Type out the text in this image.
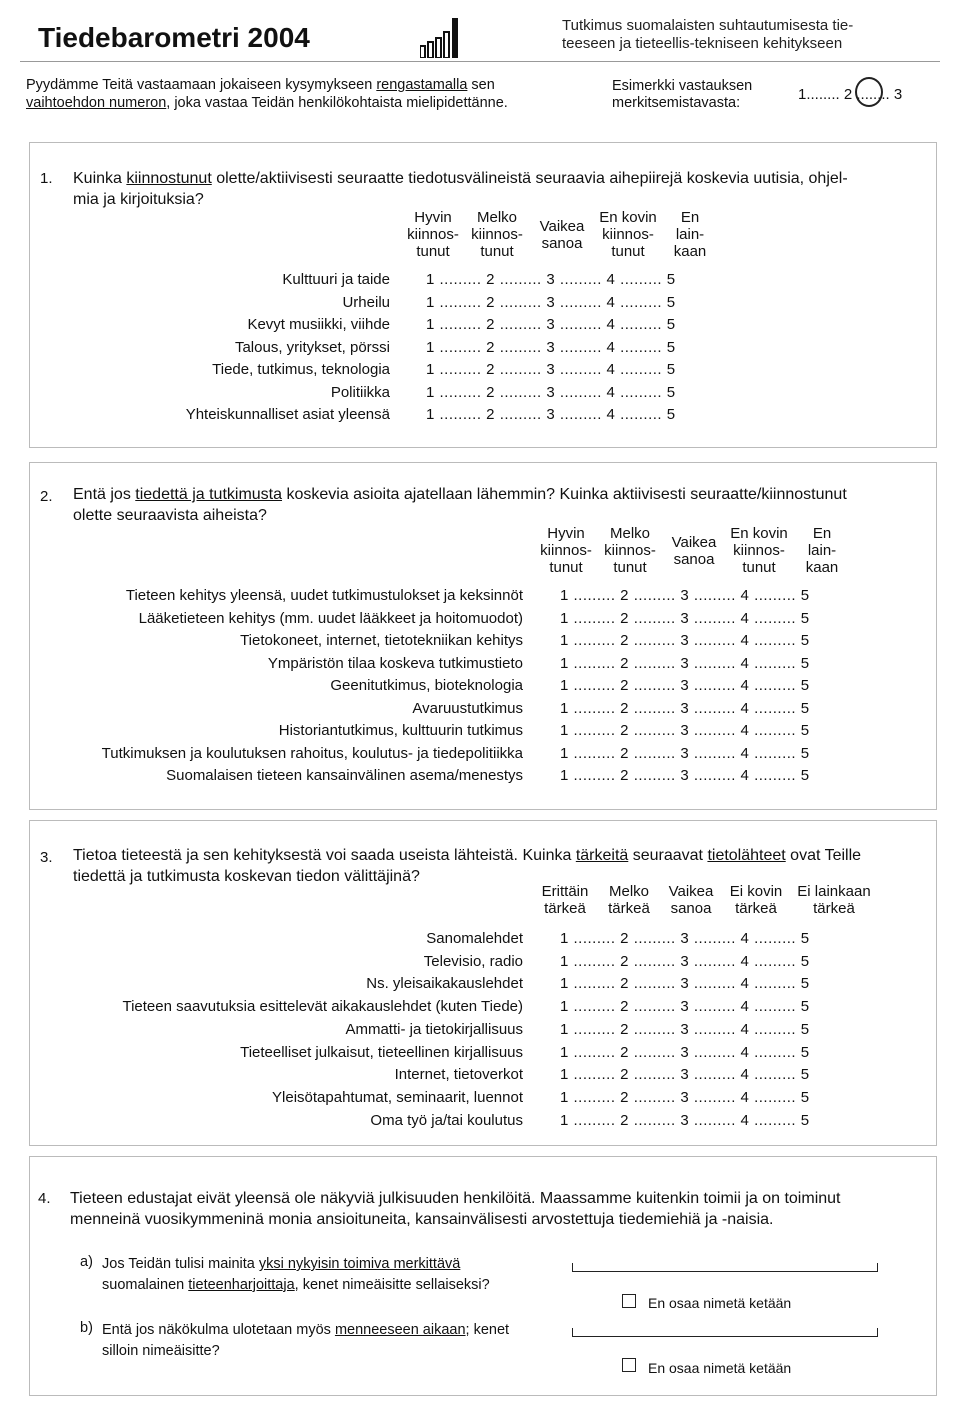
Tiedebarometri 2004	Tutkimus suomalaisten suhtautumisesta tie-
teeseen ja tieteellis-tekniseen kehitykseen
Pyydämme Teitä vastaamaan jokaiseen kysymykseen rengastamalla sen
vaihtoehdon numeron, joka vastaa Teidän henkilökohtaista mielipidettänne.
Esimerkki vastauksen
merkitsemistavasta:	1........ 2 ........ 3
1. Kuinka kiinnostunut olette/aktiivisesti seuraatte tiedotusvälineistä seuraavia aihepiirejä koskevia uutisia, ohjel-
mia ja kirjoituksia?
Hyvin
kiinnos-
tunut
Melko
kiinnos-
tunut
Vaikea
sanoa
En kovin
kiinnos-
tunut
En
lain-
kaan
Kulttuuri ja taide 1 ......... 2 ......... 3 ......... 4 ......... 5
Urheilu 1 ......... 2 ......... 3 ......... 4 ......... 5
Kevyt musiikki, viihde 1 ......... 2 ......... 3 ......... 4 ......... 5
Talous, yritykset, pörssi 1 ......... 2 ......... 3 ......... 4 ......... 5
Tiede, tutkimus, teknologia 1 ......... 2 ......... 3 ......... 4 ......... 5
Politiikka 1 ......... 2 ......... 3 ......... 4 ......... 5
Yhteiskunnalliset asiat yleensä 1 ......... 2 ......... 3 ......... 4 ......... 5
2. Entä jos tiedettä ja tutkimusta koskevia asioita ajatellaan lähemmin? Kuinka aktiivisesti seuraatte/kiinnostunut
olette seuraavista aiheista?
Hyvin
kiinnos-
tunut
Melko
kiinnos-
tunut
Vaikea
sanoa
En kovin
kiinnos-
tunut
En
lain-
kaan
Tieteen kehitys yleensä, uudet tutkimustulokset ja keksinnöt 1 ......... 2 ......... 3 ......... 4 ......... 5
Lääketieteen kehitys (mm. uudet lääkkeet ja hoitomuodot) 1 ......... 2 ......... 3 ......... 4 ......... 5
Tietokoneet, internet, tietotekniikan kehitys 1 ......... 2 ......... 3 ......... 4 ......... 5
Ympäristön tilaa koskeva tutkimustieto 1 ......... 2 ......... 3 ......... 4 ......... 5
Geenitutkimus, bioteknologia 1 ......... 2 ......... 3 ......... 4 ......... 5
Avaruustutkimus 1 ......... 2 ......... 3 ......... 4 ......... 5
Historiantutkimus, kulttuurin tutkimus 1 ......... 2 ......... 3 ......... 4 ......... 5
Tutkimuksen ja koulutuksen rahoitus, koulutus- ja tiedepolitiikka 1 ......... 2 ......... 3 ......... 4 ......... 5
Suomalaisen tieteen kansainvälinen asema/menestys 1 ......... 2 ......... 3 ......... 4 ......... 5
3. Tietoa tieteestä ja sen kehityksestä voi saada useista lähteistä. Kuinka tärkeitä seuraavat tietolähteet ovat Teille
tiedettä ja tutkimusta koskevan tiedon välittäjinä?
Erittäin
tärkeä
Melko
tärkeä
Vaikea
sanoa
Ei kovin
tärkeä
Ei lainkaan
tärkeä
Sanomalehdet 1 ......... 2 ......... 3 ......... 4 ......... 5
Televisio, radio 1 ......... 2 ......... 3 ......... 4 ......... 5
Ns. yleisaikakauslehdet 1 ......... 2 ......... 3 ......... 4 ......... 5
Tieteen saavutuksia esittelevät aikakauslehdet (kuten Tiede) 1 ......... 2 ......... 3 ......... 4 ......... 5
Ammatti- ja tietokirjallisuus 1 ......... 2 ......... 3 ......... 4 ......... 5
Tieteelliset julkaisut, tieteellinen kirjallisuus 1 ......... 2 ......... 3 ......... 4 ......... 5
Internet, tietoverkot 1 ......... 2 ......... 3 ......... 4 ......... 5
Yleisötapahtumat, seminaarit, luennot 1 ......... 2 ......... 3 ......... 4 ......... 5
Oma työ ja/tai koulutus 1 ......... 2 ......... 3 ......... 4 ......... 5
4. Tieteen edustajat eivät yleensä ole näkyviä julkisuuden henkilöitä. Maassamme kuitenkin toimii ja on toiminut
menneinä vuosikymmeninä monia ansioituneita, kansainvälisesti arvostettuja tiedemiehiä ja -naisia.
a) Jos Teidän tulisi mainita yksi nykyisin toimiva merkittävä
suomalainen tieteenharjoittaja, kenet nimeäisitte sellaiseksi?
En osaa nimetä ketään
b) Entä jos näkökulma ulotetaan myös menneeseen aikaan; kenet
silloin nimeäisitte?
En osaa nimetä ketään
